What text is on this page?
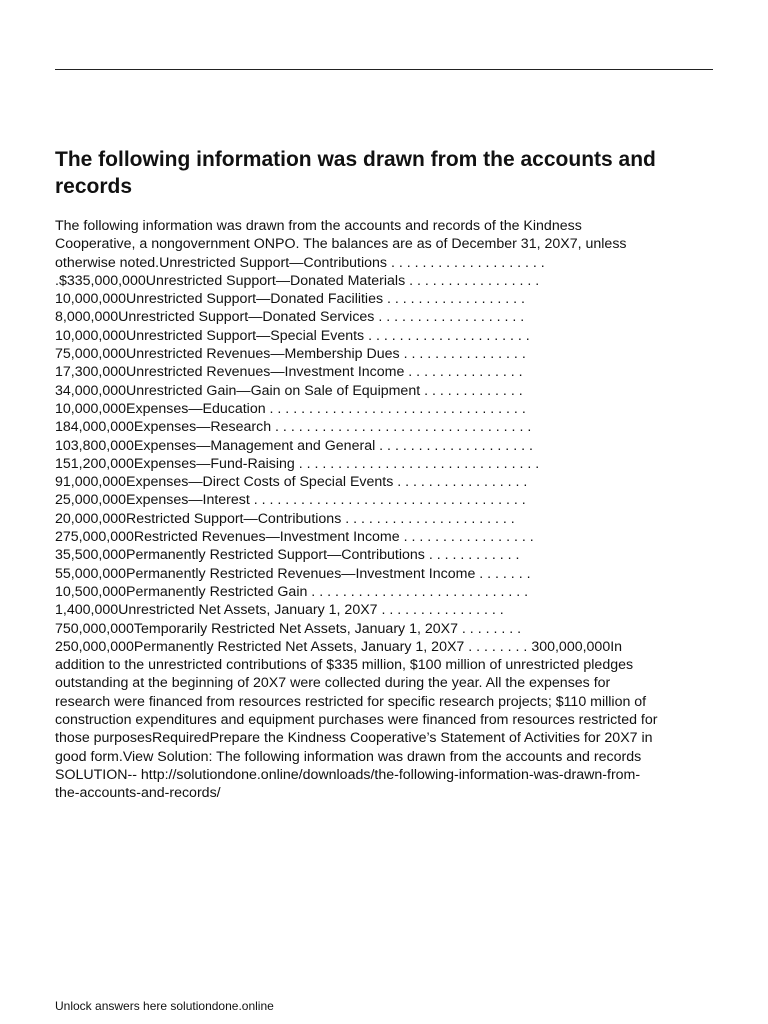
The following information was drawn from the accounts and records
The following information was drawn from the accounts and records of the Kindness
Cooperative, a nongovernment ONPO. The balances are as of December 31, 20X7, unless
otherwise noted.Unrestricted Support—Contributions . . . . . . . . . . . . . . . . . . . .
.$335,000,000Unrestricted Support—Donated Materials . . . . . . . . . . . . . . . . .
10,000,000Unrestricted Support—Donated Facilities . . . . . . . . . . . . . . . . . .
8,000,000Unrestricted Support—Donated Services . . . . . . . . . . . . . . . . . . .
10,000,000Unrestricted Support—Special Events . . . . . . . . . . . . . . . . . . . . .
75,000,000Unrestricted Revenues—Membership Dues . . . . . . . . . . . . . . . .
17,300,000Unrestricted Revenues—Investment Income . . . . . . . . . . . . . . .
34,000,000Unrestricted Gain—Gain on Sale of Equipment . . . . . . . . . . . . .
10,000,000Expenses—Education . . . . . . . . . . . . . . . . . . . . . . . . . . . . . . . . .
184,000,000Expenses—Research . . . . . . . . . . . . . . . . . . . . . . . . . . . . . . . . .
103,800,000Expenses—Management and General . . . . . . . . . . . . . . . . . . . .
151,200,000Expenses—Fund-Raising . . . . . . . . . . . . . . . . . . . . . . . . . . . . . . .
91,000,000Expenses—Direct Costs of Special Events . . . . . . . . . . . . . . . . .
25,000,000Expenses—Interest . . . . . . . . . . . . . . . . . . . . . . . . . . . . . . . . . . .
20,000,000Restricted Support—Contributions . . . . . . . . . . . . . . . . . . . . . .
275,000,000Restricted Revenues—Investment Income . . . . . . . . . . . . . . . . .
35,500,000Permanently Restricted Support—Contributions . . . . . . . . . . . .
55,000,000Permanently Restricted Revenues—Investment Income . . . . . . .
10,500,000Permanently Restricted Gain . . . . . . . . . . . . . . . . . . . . . . . . . . . .
1,400,000Unrestricted Net Assets, January 1, 20X7 . . . . . . . . . . . . . . . .
750,000,000Temporarily Restricted Net Assets, January 1, 20X7 . . . . . . . .
250,000,000Permanently Restricted Net Assets, January 1, 20X7 . . . . . . . . 300,000,000In
addition to the unrestricted contributions of $335 million, $100 million of unrestricted pledges
outstanding at the beginning of 20X7 were collected during the year. All the expenses for
research were financed from resources restricted for specific research projects; $110 million of
construction expenditures and equipment purchases were financed from resources restricted for
those purposesRequiredPrepare the Kindness Cooperative’s Statement of Activities for 20X7 in
good form.View Solution: The following information was drawn from the accounts and records
SOLUTION-- http://solutiondone.online/downloads/the-following-information-was-drawn-from-
the-accounts-and-records/
Unlock answers here solutiondone.online
